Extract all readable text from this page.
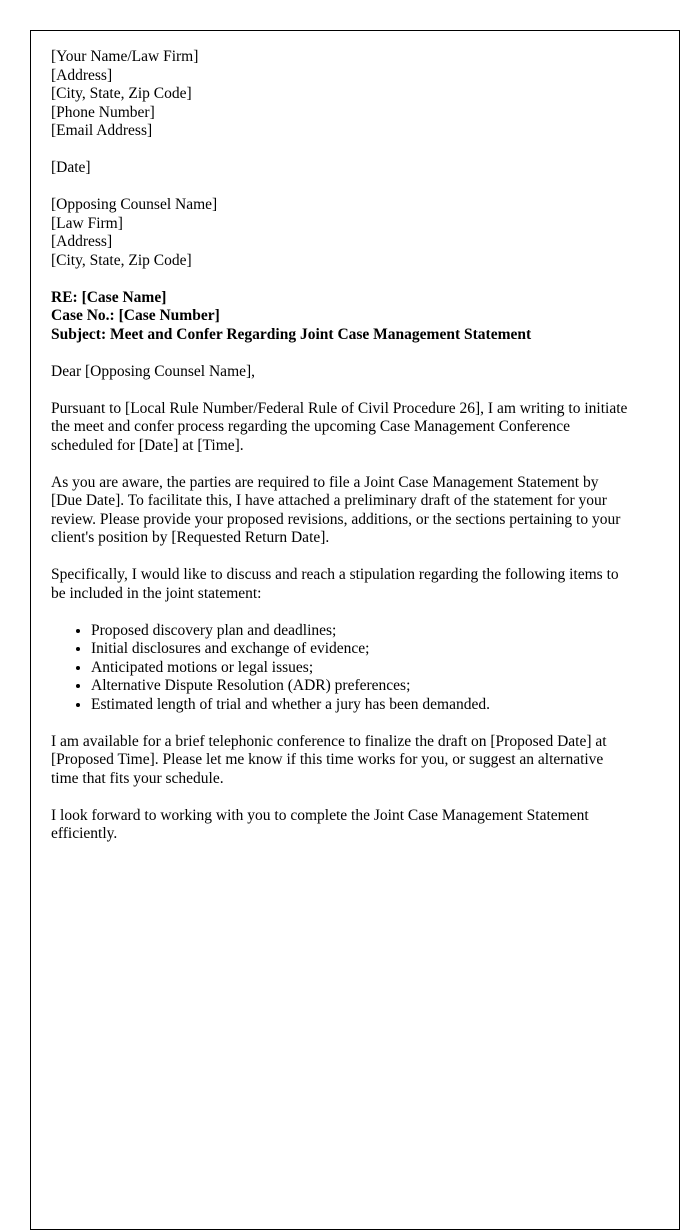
[Your Name/Law Firm]
[Address]
[City, State, Zip Code]
[Phone Number]
[Email Address]
[Date]
[Opposing Counsel Name]
[Law Firm]
[Address]
[City, State, Zip Code]
RE: [Case Name]
Case No.: [Case Number]
Subject: Meet and Confer Regarding Joint Case Management Statement

Dear [Opposing Counsel Name],

Pursuant to [Local Rule Number/Federal Rule of Civil Procedure 26], I am writing to initiate the meet and confer process regarding the upcoming Case Management Conference scheduled for [Date] at [Time].

As you are aware, the parties are required to file a Joint Case Management Statement by [Due Date]. To facilitate this, I have attached a preliminary draft of the statement for your review. Please provide your proposed revisions, additions, or the sections pertaining to your client's position by [Requested Return Date].

Specifically, I would like to discuss and reach a stipulation regarding the following items to be included in the joint statement:

• Proposed discovery plan and deadlines;
• Initial disclosures and exchange of evidence;
• Anticipated motions or legal issues;
• Alternative Dispute Resolution (ADR) preferences;
• Estimated length of trial and whether a jury has been demanded.

I am available for a brief telephonic conference to finalize the draft on [Proposed Date] at [Proposed Time]. Please let me know if this time works for you, or suggest an alternative time that fits your schedule.

I look forward to working with you to complete the Joint Case Management Statement efficiently.
